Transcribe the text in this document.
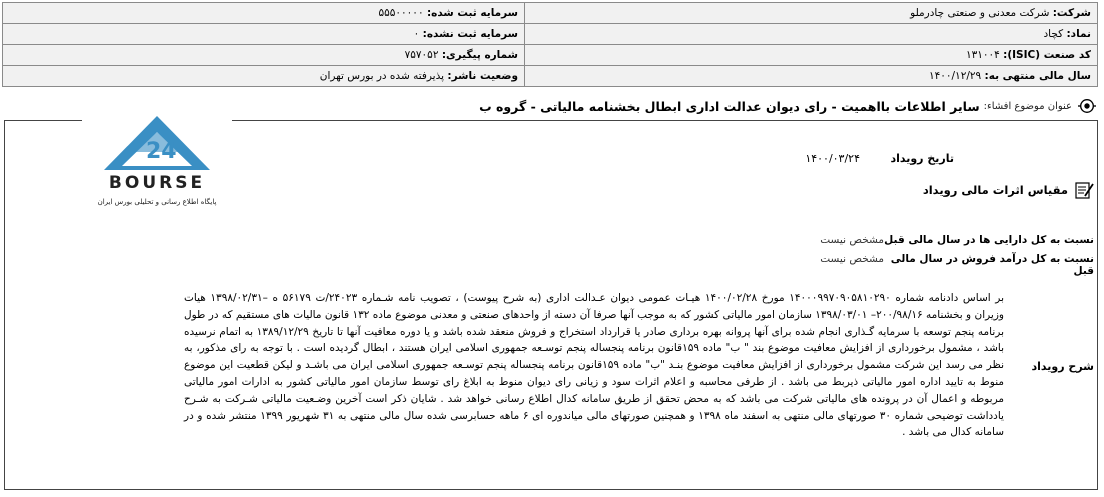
شرکت: شرکت معدنی و صنعتی چادرملو	سرمایه ثبت شده: ۵۵۵۰۰۰۰۰
نماد: کچاد	سرمایه ثبت نشده: ۰
کد صنعت (ISIC): ۱۳۱۰۰۴	شماره پیگیری: ۷۵۷۰۵۲
سال مالی منتهی به: ۱۴۰۰/۱۲/۲۹	وضعیت ناشر: پذیرفته شده در بورس تهران
عنوان موضوع افشاء:
سایر اطلاعات بااهمیت - رای دیوان عدالت اداری ابطال بخشنامه مالیاتی - گروه ب
24
BOURSE
پایگاه اطلاع رسانی و تحلیلی بورس ایران
تاریخ رویداد
۱۴۰۰/۰۳/۲۴
مقیاس اثرات مالی رویداد
نسبت به کل دارایی ها در سال مالی قبل
مشخص نیست
نسبت به کل درآمد فروش در سال مالی قبل
مشخص نیست
شرح رویداد
بر اساس دادنامه شماره ۱۴۰۰۰۹۹۷۰۹۰۵۸۱۰۲۹۰ مورخ ۱۴۰۰/۰۲/۲۸ هیـات عمومی دیوان عـدالت اداری (به شرح پیوست) ، تصویب نامه شـماره ۲۴۰۲۳/ت ۵۶۱۷۹ ه –۱۳۹۸/۰۲/۳۱ هیات وزیران و بخشنامه ۲۰۰/۹۸/۱۶– ۱۳۹۸/۰۳/۰۱ سازمان امور مالیاتی کشور که به موجب آنها صرفا آن دسته از واحدهای صنعتی و معدنی موضوع ماده ۱۳۲ قانون مالیات های مستقیم که در طول برنامه پنجم توسعه با سرمایه گـذاری انجام شده برای آنها پروانه بهره برداری صادر یا قرارداد استخراج و فروش منعقد شده باشد و یا دوره معافیت آنها تا تاریخ ۱۳۸۹/۱۲/۲۹ به اتمام نرسیده باشد ، مشمول برخورداری از افزایش معافیت موضوع بند " ب" ماده ۱۵۹قانون برنامه پنجساله پنجم توسـعه جمهوری اسلامی ایران هستند ، ابطال گردیده است . با توجه به رای مذکور، به نظر می رسد این شرکت مشمول برخورداری از افزایش معافیت موضوع بنـد "ب" ماده ۱۵۹قانون برنامه پنجساله پنجم توسـعه جمهوری اسلامی ایران می باشـد و لیکن قطعیت این موضوع منوط به تایید اداره امور مالیاتی ذیربط می باشد . از طرفی محاسبه و اعلام اثرات سود و زیانی رای دیوان منوط به ابلاغ رای توسط سازمان امور مالیاتی کشور به ادارات امور مالیاتی مربوطه و اعمال آن در پرونده های مالیاتی شرکت می باشد که به محض تحقق از طریق سامانه کدال اطلاع رسانی خواهد شد . شایان ذکر است آخرین وضـعیت مالیاتی شـرکت به شـرح یادداشت توضیحی شماره ۳۰ صورتهای مالی منتهی به اسفند ماه ۱۳۹۸ و همچنین صورتهای مالی میاندوره ای ۶ ماهه حسابرسی شده سال مالی منتهی به ۳۱ شهریور ۱۳۹۹ منتشر شده و در سامانه کدال می باشد .
